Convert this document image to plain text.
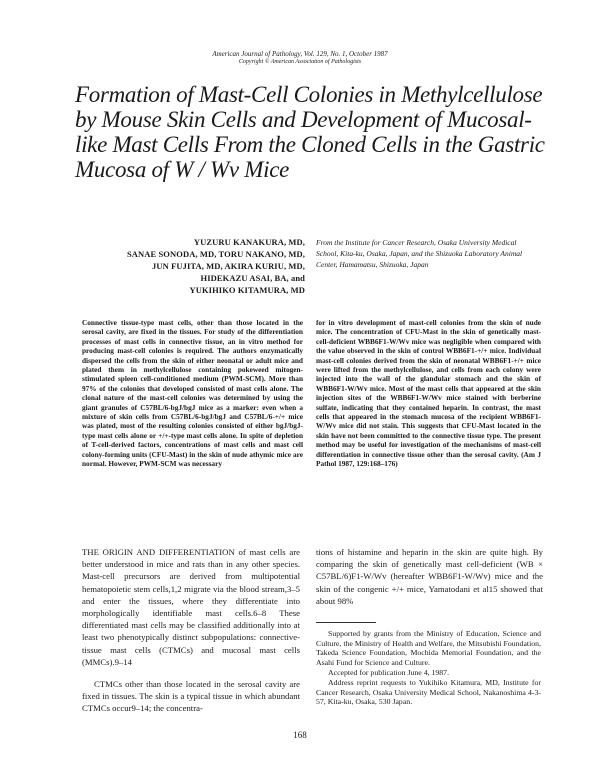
American Journal of Pathology, Vol. 129, No. 1, October 1987
Copyright © American Association of Pathologists
Formation of Mast-Cell Colonies in Methylcellulose by Mouse Skin Cells and Development of Mucosal-like Mast Cells From the Cloned Cells in the Gastric Mucosa of W / Wv Mice
YUZURU KANAKURA, MD,
SANAE SONODA, MD, TORU NAKANO, MD,
JUN FUJITA, MD, AKIRA KURIU, MD,
HIDEKAZU ASAI, BA, and
YUKIHIKO KITAMURA, MD
From the Institute for Cancer Research, Osaka University Medical School, Kita-ku, Osaka, Japan, and the Shizuoka Laboratory Animal Center, Hamamatsu, Shizuoka, Japan

Connective tissue-type mast cells, other than those located in the serosal cavity, are fixed in the tissues. For study of the differentiation processes of mast cells in connective tissue, an in vitro method for producing mast-cell colonies is required. The authors enzymatically dispersed the cells from the skin of either neonatal or adult mice and plated them in methylcellulose containing pokeweed mitogen-stimulated spleen cell-conditioned medium (PWM-SCM). More than 97% of the colonies that developed consisted of mast cells alone. The clonal nature of the mast-cell colonies was determined by using the giant granules of C57BL/6-bgJ/bgJ mice as a marker: even when a mixture of skin cells from C57BL/6-bgJ/bgJ and C57BL/6-+/+ mice was plated, most of the resulting colonies consisted of either bgJ/bgJ-type mast cells alone or +/+-type mast cells alone. In spite of depletion of T-cell-derived factors, concentrations of mast cells and mast cell colony-forming units (CFU-Mast) in the skin of nude athymic mice are normal. However, PWM-SCM was necessary

for in vitro development of mast-cell colonies from the skin of nude mice. The concentration of CFU-Mast in the skin of genetically mast-cell-deficient WBB6F1-W/Wv mice was negligible when compared with the value observed in the skin of control WBB6F1-+/+ mice. Individual mast-cell colonies derived from the skin of neonatal WBB6F1-+/+ mice were lifted from the methylcellulose, and cells from each colony were injected into the wall of the glandular stomach and the skin of WBB6F1-W/Wv mice. Most of the mast cells that appeared at the skin injection sites of the WBB6F1-W/Wv mice stained with berberine sulfate, indicating that they contained heparin. In contrast, the mast cells that appeared in the stomach mucosa of the recipient WBB6F1-W/Wv mice did not stain. This suggests that CFU-Mast located in the skin have not been committed to the connective tissue type. The present method may be useful for investigation of the mechanisms of mast-cell differentiation in connective tissue other than the serosal cavity. (Am J Pathol 1987, 129:168–176)

THE ORIGIN AND DIFFERENTIATION of mast cells are better understood in mice and rats than in any other species. Mast-cell precursors are derived from multipotential hematopoietic stem cells,1,2 migrate via the blood stream,3–5 and enter the tissues, where they differentiate into morphologically identifiable mast cells.6–8 These differentiated mast cells may be classified additionally into at least two phenotypically distinct subpopulations: connective-tissue mast cells (CTMCs) and mucosal mast cells (MMCs).9–14

CTMCs other than those located in the serosal cavity are fixed in tissues. The skin is a typical tissue in which abundant CTMCs occur9–14; the concentra-

tions of histamine and heparin in the skin are quite high. By comparing the skin of genetically mast cell-deficient (WB × C57BL/6)F1-W/Wv (hereafter WBB6F1-W/Wv) mice and the skin of the congenic +/+ mice, Yamatodani et al15 showed that about 98%

Supported by grants from the Ministry of Education, Science and Culture, the Ministry of Health and Welfare, the Mitsubishi Foundation, Takeda Science Foundation, Mochida Memorial Foundation, and the Asahi Fund for Science and Culture.

Accepted for publication June 4, 1987.

Address reprint requests to Yukihiko Kitamura, MD, Institute for Cancer Research, Osaka University Medical School, Nakanoshima 4-3-57, Kita-ku, Osaka, 530 Japan.

168
